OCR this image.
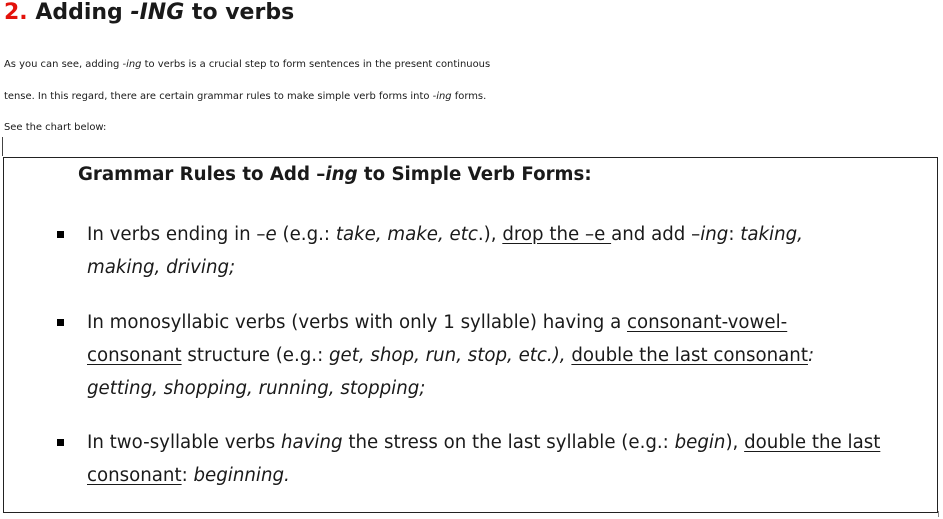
2. Adding -ING to verbs

As you can see, adding -ing to verbs is a crucial step to form sentences in the present continuous
tense. In this regard, there are certain grammar rules to make simple verb forms into -ing forms.
See the chart below:

Grammar Rules to Add –ing to Simple Verb Forms:

In verbs ending in –e (e.g.: take, make, etc.), drop the –e and add –ing: taking,
making, driving;

In monosyllabic verbs (verbs with only 1 syllable) having a consonant-vowel-
consonant structure (e.g.: get, shop, run, stop, etc.), double the last consonant:
getting, shopping, running, stopping;

In two-syllable verbs having the stress on the last syllable (e.g.: begin), double the last
consonant: beginning.
